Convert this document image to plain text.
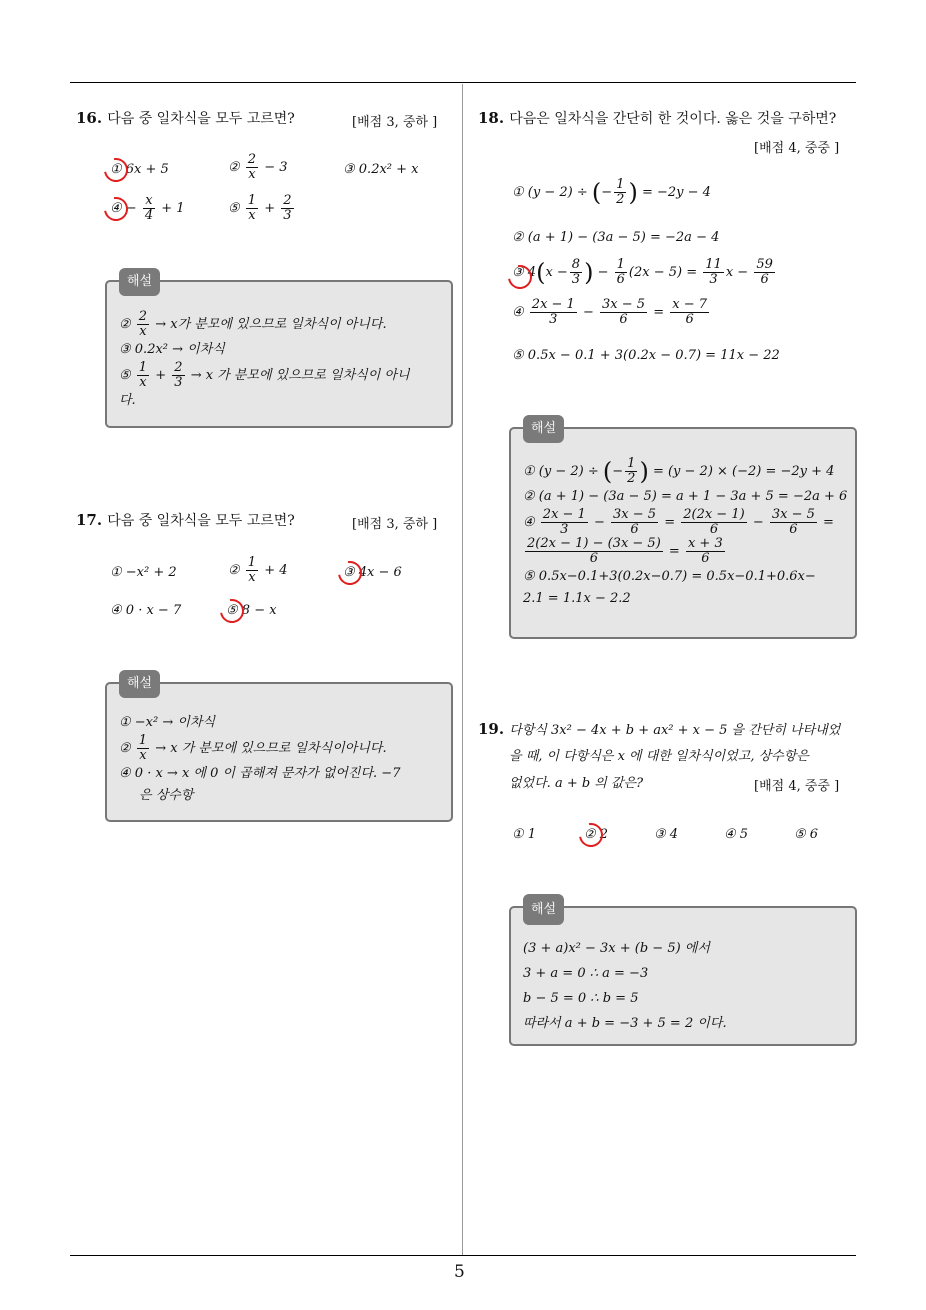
5
16. 다음 중 일차식을 모두 고르면?	[배점 3, 중하 ]
① 6x + 5	② $\frac{2}{x} - 3$	③ 0.2x² + x
④ − $\frac{x}{4} + 1$	⑤ $\frac{1}{x} + \frac{2}{3}$
해설
② $\frac{2}{x} \to x$가 분모에 있으므로 일차식이 아니다.
③ 0.2x² → 이차식
⑤ $\frac{1}{x} + \frac{2}{3} \to x$ 가 분모에 있으므로 일차식이 아니
다.
17. 다음 중 일차식을 모두 고르면?	[배점 3, 중하 ]
① −x² + 2	② $\frac{1}{x} + 4$	③ 4x − 6
④ 0 · x − 7	⑤ 8 − x
해설
① −x² → 이차식
② $\frac{1}{x} \to x$ 가 분모에 있으므로 일차식이아니다.
④ 0 · x → x 에 0 이 곱해져 문자가 없어진다. −7
은 상수항
18. 다음은 일차식을 간단히 한 것이다. 옳은 것을 구하면?
[배점 4, 중중 ]
① (y − 2) ÷ (− $\frac{1}{2}$ ) = −2y − 4
② (a + 1) − (3a − 5) = −2a − 4
③ $4(x - \frac{8}{3}$ ) − $\frac{1}{6} (2x - 5) = \frac{11}{3}$ $x - \frac{59}{6}$
④ $\frac{2x - 1}{3} - \frac{3x - 5}{6} = \frac{x - 7}{6}$
⑤ 0.5x − 0.1 + 3(0.2x − 0.7) = 11x − 22
해설
① (y − 2) ÷ (− $\frac{1}{2}$ ) = (y − 2) × (−2) = −2y + 4
② (a + 1) − (3a − 5) = a + 1 − 3a + 5 = −2a + 6
④ $\frac{2x - 1}{3} - \frac{3x - 5}{6} = \frac{2(2x - 1)}{6} - \frac{3x - 5}{6}$ =
$\frac{2(2x - 1) - (3x - 5)}{6} = \frac{x + 3}{6}$
⑤ 0.5x−0.1+3(0.2x−0.7) = 0.5x−0.1+0.6x−
2.1 = 1.1x − 2.2
19. 다항식 3x² − 4x + b + ax² + x − 5 을 간단히 나타내었
을 때, 이 다항식은 x 에 대한 일차식이었고, 상수항은
없었다. a + b 의 값은?	[배점 4, 중중 ]
① 1	② 2	③ 4	④ 5	⑤ 6
해설
(3 + a)x² − 3x + (b − 5) 에서
3 + a = 0 ∴ a = −3
b − 5 = 0 ∴ b = 5
따라서 a + b = −3 + 5 = 2 이다.
